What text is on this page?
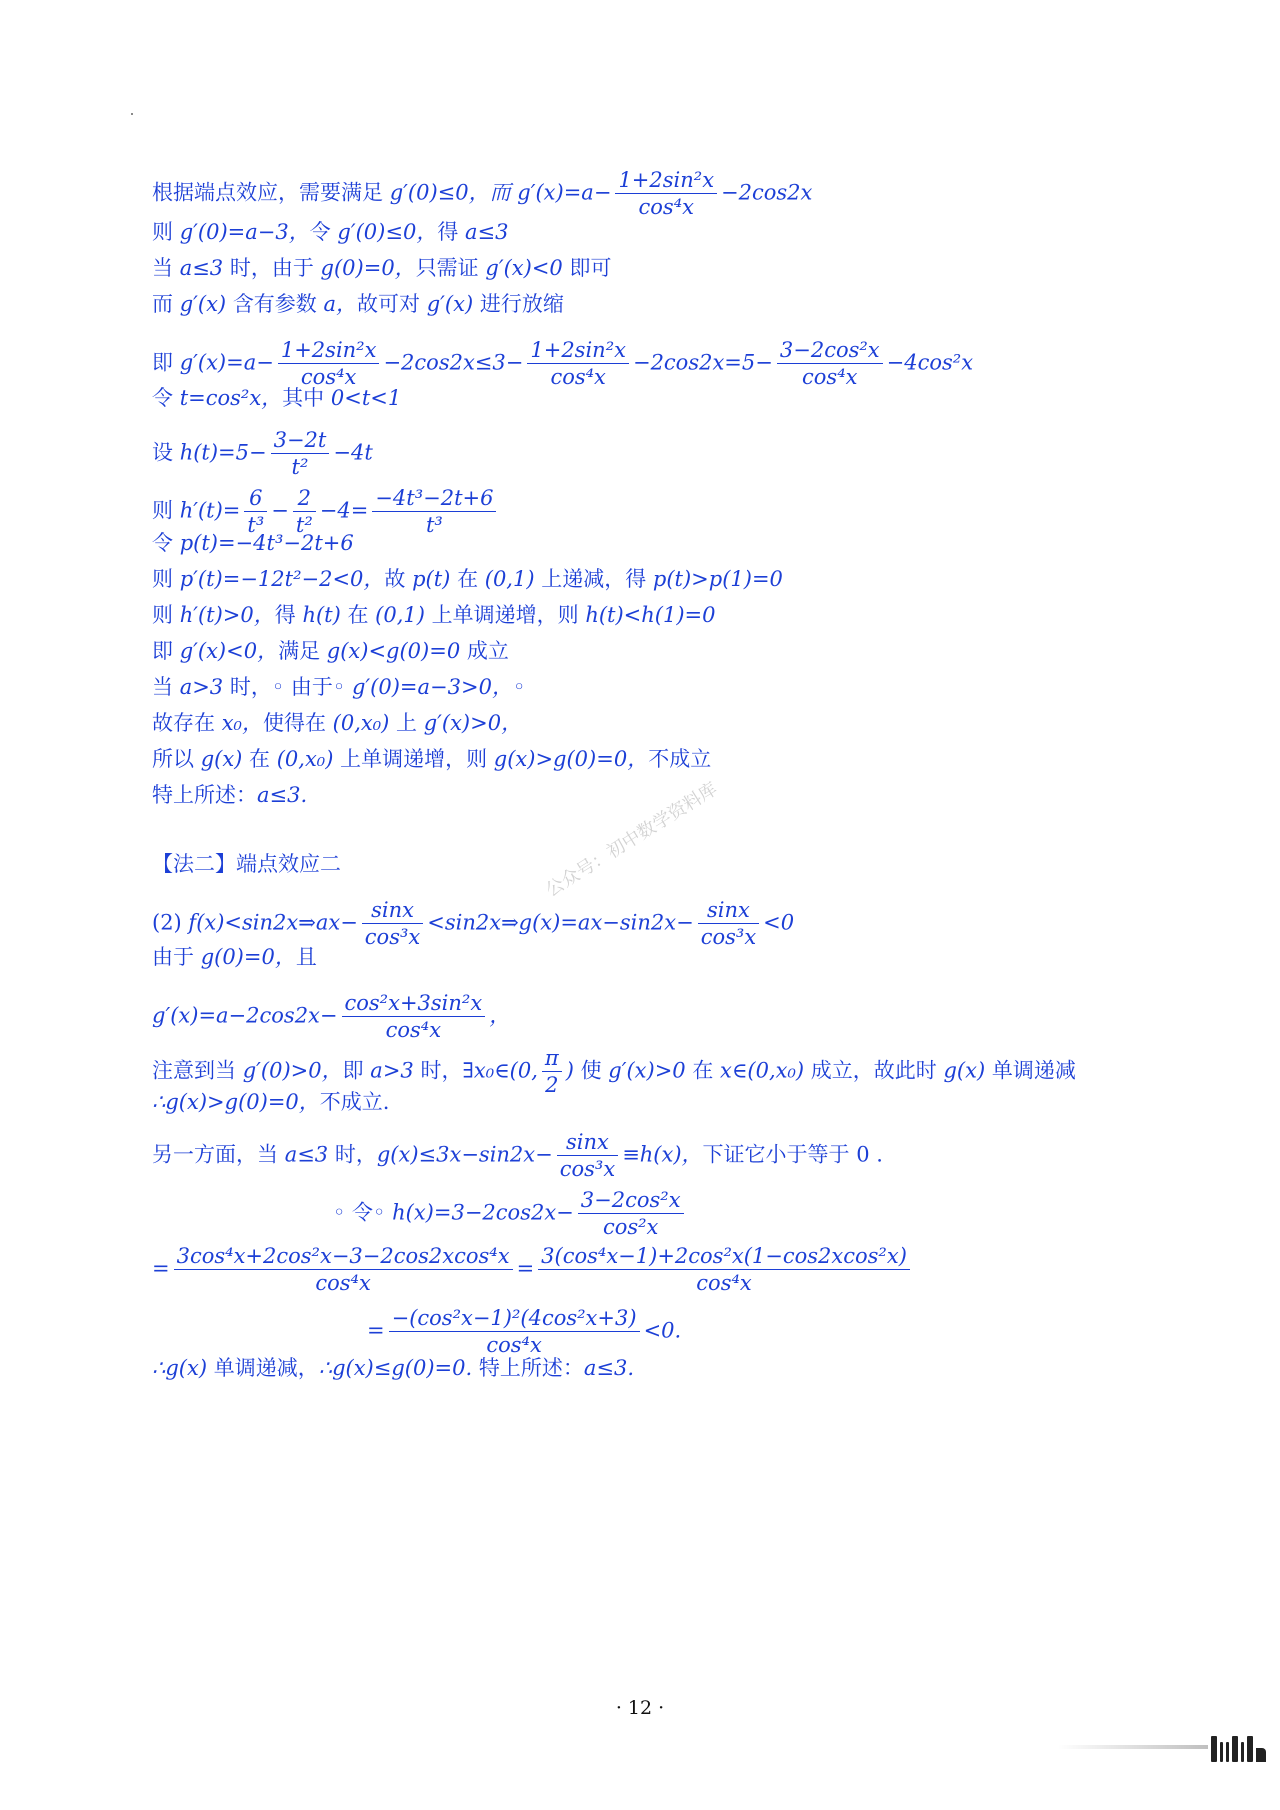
根据端点效应，需要满足 g′(0)≤0，而 $g'(x)=a- \frac{\text{1+2sin²x}}{\text{cos⁴x}} -2\cos 2x$
则 g′(0)=a−3，令 g′(0)≤0，得 a≤3
当 a≤3 时，由于 g(0)=0，只需证 g′(x)<0 即可
而 g′(x) 含有参数 a，故可对 g′(x) 进行放缩
即 $g'(x)=a- \frac{\text{1+2sin²x}}{\text{cos⁴x}} -2\cos 2x\le 3- \frac{\text{1+2sin²x}}{\text{cos⁴x}} -2\cos 2x=5- \frac{\text{3−2cos²x}}{\text{cos⁴x}} -4\cos^2x$
令 t=cos²x，其中 0<t<1
设 $h(t)=5- \frac{3-2t}{\text{t²}} -4t$
则 $h'(t)= \frac{6}{\text{t³}} - \frac{2}{\text{t²}} -4= \frac{\text{−4t³−2t+6}}{\text{t³}}$
令 p(t)=−4t³−2t+6
则 p′(t)=−12t²−2<0，故 p(t) 在 (0,1) 上递减，得 p(t)>p(1)=0
则 h′(t)>0，得 h(t) 在 (0,1) 上单调递增，则 h(t)<h(1)=0
即 g′(x)<0，满足 g(x)<g(0)=0 成立
当 a>3 时，◦ 由于◦ g′(0)=a−3>0，◦
故存在 x₀，使得在 (0,x₀) 上 g′(x)>0，
所以 g(x) 在 (0,x₀) 上单调递增，则 g(x)>g(0)=0，不成立
特上所述：a≤3.
【法二】端点效应二
(2) f(x)<sin2x⇒ax− $\frac{\sin x}{\text{cos³x}}$ <sin2x⇒g(x)=ax−sin2x− $\frac{\sin x}{\text{cos³x}} <0$
由于 g(0)=0，且
$g'(x)=a-2\cos 2x- \frac{\text{cos²x+3sin²x}}{\text{cos⁴x}}$ ，
注意到当 g′(0)>0，即 a>3 时，∃x₀∈(0, $\frac{\pi}{2}$ ) 使 g′(x)>0 在 x∈(0,x₀) 成立，故此时 g(x) 单调递减
∴g(x)>g(0)=0，不成立.
另一方面，当 a≤3 时，$g(x)\le 3x-\sin 2x- \frac{\sin x}{\text{cos³x}} \equiv h(x)$，下证它小于等于 0 .
◦ 令◦ $h(x)=3-2\cos 2x- \frac{\text{3−2cos²x}}{\text{cos²x}}$
= $\frac{\text{3cos⁴x+2cos²x−3−2cos2xcos⁴x}}{\text{cos⁴x}} = \frac{\text{3(cos⁴x−1)+2cos²x(1−cos2xcos²x)}}{\text{cos⁴x}}$
= $\frac{\text{−(cos²x−1)²(4cos²x+3)}}{\text{cos⁴x}} <0$.
∴g(x) 单调递减，∴g(x)≤g(0)=0. 特上所述：a≤3.
公众号：初中数学资料库
· 12 ·
